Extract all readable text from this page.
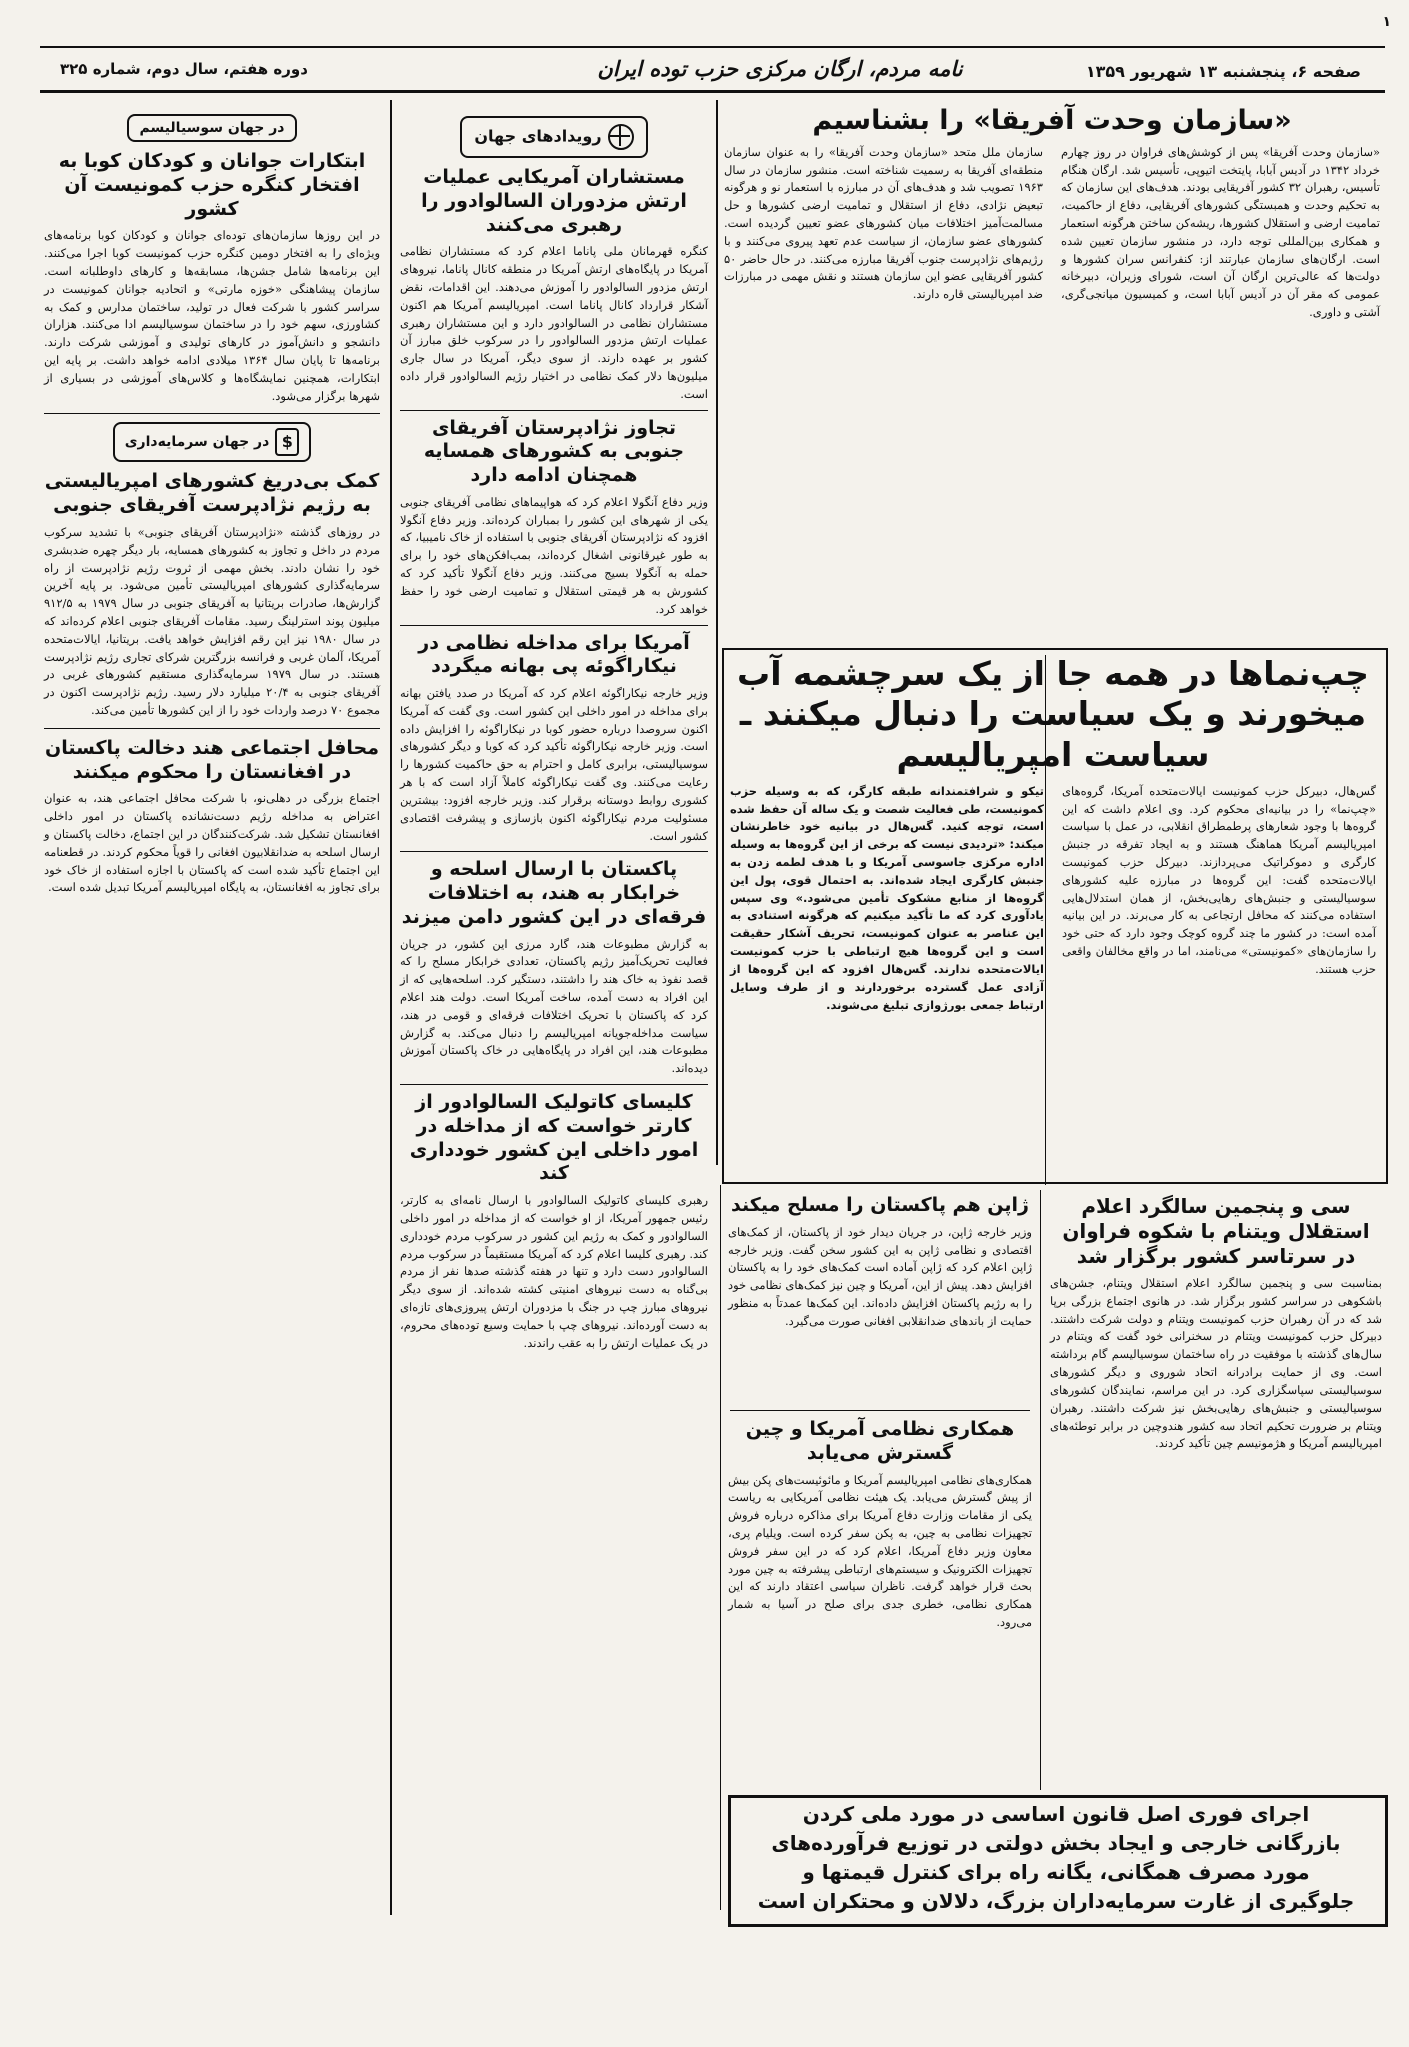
۱
صفحه ۶، پنجشنبه ۱۳ شهریور ۱۳۵۹
نامه مردم، ارگان مرکزی حزب توده ایران
دوره هفتم، سال دوم، شماره ۳۲۵
«سازمان وحدت آفریقا» را بشناسیم
«سازمان وحدت آفریقا» پس از کوشش‌های فراوان در روز چهارم خرداد ۱۳۴۲ در آدیس آبابا، پایتخت اتیوپی، تأسیس شد. ارگان هنگام تأسیس، رهبران ۳۲ کشور آفریقایی بودند. هدف‌های این سازمان که به تحکیم وحدت و همبستگی کشورهای آفریقایی، دفاع از حاکمیت، تمامیت ارضی و استقلال کشورها، ریشه‌کن ساختن هرگونه استعمار و همکاری بین‌المللی توجه دارد، در منشور سازمان تعیین شده است. ارگان‌های سازمان عبارتند از: کنفرانس سران کشورها و دولت‌ها که عالی‌ترین ارگان آن است، شورای وزیران، دبیرخانه عمومی که مقر آن در آدیس آبابا است، و کمیسیون میانجی‌گری، آشتی و داوری.
سازمان ملل متحد «سازمان وحدت آفریقا» را به عنوان سازمان منطقه‌ای آفریقا به رسمیت شناخته است. منشور سازمان در سال ۱۹۶۳ تصویب شد و هدف‌های آن در مبارزه با استعمار نو و هرگونه تبعیض نژادی، دفاع از استقلال و تمامیت ارضی کشورها و حل مسالمت‌آمیز اختلافات میان کشورهای عضو تعیین گردیده است. کشورهای عضو سازمان، از سیاست عدم تعهد پیروی می‌کنند و با رژیم‌های نژادپرست جنوب آفریقا مبارزه می‌کنند. در حال حاضر ۵۰ کشور آفریقایی عضو این سازمان هستند و نقش مهمی در مبارزات ضد امپریالیستی قاره دارند.
چپ‌نماها در همه جا از یک سرچشمه آب میخورند و یک سیاست را دنبال میکنند ـ سیاست امپریالیسم
گس‌هال، دبیرکل حزب کمونیست ایالات‌متحده آمریکا، گروه‌های «چپ‌نما» را در بیانیه‌ای محکوم کرد. وی اعلام داشت که این گروه‌ها با وجود شعارهای پرطمطراق انقلابی، در عمل با سیاست امپریالیسم آمریکا هماهنگ هستند و به ایجاد تفرقه در جنبش کارگری و دموکراتیک می‌پردازند. دبیرکل حزب کمونیست ایالات‌متحده گفت: این گروه‌ها در مبارزه علیه کشورهای سوسیالیستی و جنبش‌های رهایی‌بخش، از همان استدلال‌هایی استفاده می‌کنند که محافل ارتجاعی به کار می‌برند. در این بیانیه آمده است: در کشور ما چند گروه کوچک وجود دارد که حتی خود را سازمان‌های «کمونیستی» می‌نامند، اما در واقع مخالفان واقعی حزب هستند.
تیکو و شرافتمندانه طبقه کارگر، که به وسیله حزب کمونیست، طی فعالیت شصت و یک ساله آن حفظ شده است، توجه کنید. گس‌هال در بیانیه خود خاطرنشان میکند: «تردیدی نیست که برخی از این گروه‌ها به وسیله اداره مرکزی جاسوسی آمریکا و با هدف لطمه زدن به جنبش کارگری ایجاد شده‌اند. به احتمال قوی، پول این گروه‌ها از منابع مشکوک تأمین می‌شود.» وی سپس یادآوری کرد که ما تأکید میکنیم که هرگونه استنادی به این عناصر به عنوان کمونیست، تحریف آشکار حقیقت است و این گروه‌ها هیچ ارتباطی با حزب کمونیست ایالات‌متحده ندارند. گس‌هال افزود که این گروه‌ها از آزادی عمل گسترده برخوردارند و از طرف وسایل ارتباط جمعی بورژوازی تبلیغ می‌شوند.
سی و پنجمین سالگرد اعلام استقلال ویتنام با شکوه فراوان در سرتاسر کشور برگزار شد
بمناسبت سی و پنجمین سالگرد اعلام استقلال ویتنام، جشن‌های باشکوهی در سراسر کشور برگزار شد. در هانوی اجتماع بزرگی برپا شد که در آن رهبران حزب کمونیست ویتنام و دولت شرکت داشتند. دبیرکل حزب کمونیست ویتنام در سخنرانی خود گفت که ویتنام در سال‌های گذشته با موفقیت در راه ساختمان سوسیالیسم گام برداشته است. وی از حمایت برادرانه اتحاد شوروی و دیگر کشورهای سوسیالیستی سپاسگزاری کرد. در این مراسم، نمایندگان کشورهای سوسیالیستی و جنبش‌های رهایی‌بخش نیز شرکت داشتند. رهبران ویتنام بر ضرورت تحکیم اتحاد سه کشور هندوچین در برابر توطئه‌های امپریالیسم آمریکا و هژمونیسم چین تأکید کردند.
ژاپن هم پاکستان را مسلح میکند
وزیر خارجه ژاپن، در جریان دیدار خود از پاکستان، از کمک‌های اقتصادی و نظامی ژاپن به این کشور سخن گفت. وزیر خارجه ژاپن اعلام کرد که ژاپن آماده است کمک‌های خود را به پاکستان افزایش دهد. پیش از این، آمریکا و چین نیز کمک‌های نظامی خود را به رژیم پاکستان افزایش داده‌اند. این کمک‌ها عمدتاً به منظور حمایت از باندهای ضدانقلابی افغانی صورت می‌گیرد.
همکاری نظامی آمریکا و چین گسترش می‌یابد
همکاری‌های نظامی امپریالیسم آمریکا و مائوئیست‌های پکن بیش از پیش گسترش می‌یابد. یک هیئت نظامی آمریکایی به ریاست یکی از مقامات وزارت دفاع آمریکا برای مذاکره درباره فروش تجهیزات نظامی به چین، به پکن سفر کرده است. ویلیام پری، معاون وزیر دفاع آمریکا، اعلام کرد که در این سفر فروش تجهیزات الکترونیک و سیستم‌های ارتباطی پیشرفته به چین مورد بحث قرار خواهد گرفت. ناظران سیاسی اعتقاد دارند که این همکاری نظامی، خطری جدی برای صلح در آسیا به شمار می‌رود.
اجرای فوری اصل قانون اساسی در مورد ملی کردن
بازرگانی خارجی و ایجاد بخش دولتی در توزیع فرآورده‌های
مورد مصرف همگانی، یگانه راه برای کنترل قیمتها و
جلوگیری از غارت سرمایه‌داران بزرگ، دلالان و محتکران است
رویدادهای جهان
مستشاران آمریکایی عملیات ارتش مزدوران السالوادور را رهبری می‌کنند
کنگره قهرمانان ملی پاناما اعلام کرد که مستشاران نظامی آمریکا در پایگاه‌های ارتش آمریکا در منطقه کانال پاناما، نیروهای ارتش مزدور السالوادور را آموزش می‌دهند. این اقدامات، نقض آشکار قرارداد کانال پاناما است. امپریالیسم آمریکا هم اکنون مستشاران نظامی در السالوادور دارد و این مستشاران رهبری عملیات ارتش مزدور السالوادور را در سرکوب خلق مبارز آن کشور بر عهده دارند. از سوی دیگر، آمریکا در سال جاری میلیون‌ها دلار کمک نظامی در اختیار رژیم السالوادور قرار داده است.
تجاوز نژادپرستان آفریقای جنوبی به کشورهای همسایه همچنان ادامه دارد
وزیر دفاع آنگولا اعلام کرد که هواپیماهای نظامی آفریقای جنوبی یکی از شهرهای این کشور را بمباران کرده‌اند. وزیر دفاع آنگولا افزود که نژادپرستان آفریقای جنوبی با استفاده از خاک نامیبیا، که به طور غیرقانونی اشغال کرده‌اند، بمب‌افکن‌های خود را برای حمله به آنگولا بسیج می‌کنند. وزیر دفاع آنگولا تأکید کرد که کشورش به هر قیمتی استقلال و تمامیت ارضی خود را حفظ خواهد کرد.
آمریکا برای مداخله نظامی در نیکاراگوئه پی بهانه میگردد
وزیر خارجه نیکاراگوئه اعلام کرد که آمریکا در صدد یافتن بهانه برای مداخله در امور داخلی این کشور است. وی گفت که آمریکا اکنون سروصدا درباره حضور کوبا در نیکاراگوئه را افزایش داده است. وزیر خارجه نیکاراگوئه تأکید کرد که کوبا و دیگر کشورهای سوسیالیستی، برابری کامل و احترام به حق حاکمیت کشورها را رعایت می‌کنند. وی گفت نیکاراگوئه کاملاً آزاد است که با هر کشوری روابط دوستانه برقرار کند. وزیر خارجه افزود: بیشترین مسئولیت مردم نیکاراگوئه اکنون بازسازی و پیشرفت اقتصادی کشور است.
پاکستان با ارسال اسلحه و خرابکار به هند، به اختلافات فرقه‌ای در این کشور دامن میزند
به گزارش مطبوعات هند، گارد مرزی این کشور، در جریان فعالیت تحریک‌آمیز رژیم پاکستان، تعدادی خرابکار مسلح را که قصد نفوذ به خاک هند را داشتند، دستگیر کرد. اسلحه‌هایی که از این افراد به دست آمده، ساخت آمریکا است. دولت هند اعلام کرد که پاکستان با تحریک اختلافات فرقه‌ای و قومی در هند، سیاست مداخله‌جویانه امپریالیسم را دنبال می‌کند. به گزارش مطبوعات هند، این افراد در پایگاه‌هایی در خاک پاکستان آموزش دیده‌اند.
کلیسای کاتولیک السالوادور از کارتر خواست که از مداخله در امور داخلی این کشور خودداری کند
رهبری کلیسای کاتولیک السالوادور با ارسال نامه‌ای به کارتر، رئیس جمهور آمریکا، از او خواست که از مداخله در امور داخلی السالوادور و کمک به رژیم این کشور در سرکوب مردم خودداری کند. رهبری کلیسا اعلام کرد که آمریکا مستقیماً در سرکوب مردم السالوادور دست دارد و تنها در هفته گذشته صدها نفر از مردم بی‌گناه به دست نیروهای امنیتی کشته شده‌اند. از سوی دیگر نیروهای مبارز چپ در جنگ با مزدوران ارتش پیروزی‌های تازه‌ای به دست آورده‌اند. نیروهای چپ با حمایت وسیع توده‌های محروم، در یک عملیات ارتش را به عقب راندند.
در جهان سوسیالیسم
ابتکارات جوانان و کودکان کوبا به افتخار کنگره حزب کمونیست آن کشور
در این روزها سازمان‌های توده‌ای جوانان و کودکان کوبا برنامه‌های ویژه‌ای را به افتخار دومین کنگره حزب کمونیست کوبا اجرا می‌کنند. این برنامه‌ها شامل جشن‌ها، مسابقه‌ها و کارهای داوطلبانه است. سازمان پیشاهنگی «خوزه مارتی» و اتحادیه جوانان کمونیست در سراسر کشور با شرکت فعال در تولید، ساختمان مدارس و کمک به کشاورزی، سهم خود را در ساختمان سوسیالیسم ادا می‌کنند. هزاران دانشجو و دانش‌آموز در کارهای تولیدی و آموزشی شرکت دارند. برنامه‌ها تا پایان سال ۱۳۶۴ میلادی ادامه خواهد داشت. بر پایه این ابتکارات، همچنین نمایشگاه‌ها و کلاس‌های آموزشی در بسیاری از شهرها برگزار می‌شود.
$در جهان سرمایه‌داری
کمک بی‌دریغ کشورهای امپریالیستی به رژیم نژادپرست آفریقای جنوبی
در روزهای گذشته «نژادپرستان آفریقای جنوبی» با تشدید سرکوب مردم در داخل و تجاوز به کشورهای همسایه، بار دیگر چهره ضدبشری خود را نشان دادند. بخش مهمی از ثروت رژیم نژادپرست از راه سرمایه‌گذاری کشورهای امپریالیستی تأمین می‌شود. بر پایه آخرین گزارش‌ها، صادرات بریتانیا به آفریقای جنوبی در سال ۱۹۷۹ به ۹۱۲/۵ میلیون پوند استرلینگ رسید. مقامات آفریقای جنوبی اعلام کرده‌اند که در سال ۱۹۸۰ نیز این رقم افزایش خواهد یافت. بریتانیا، ایالات‌متحده آمریکا، آلمان غربی و فرانسه بزرگترین شرکای تجاری رژیم نژادپرست هستند. در سال ۱۹۷۹ سرمایه‌گذاری مستقیم کشورهای غربی در آفریقای جنوبی به ۲۰/۴ میلیارد دلار رسید. رژیم نژادپرست اکنون در مجموع ۷۰ درصد واردات خود را از این کشورها تأمین می‌کند.
محافل اجتماعی هند دخالت پاکستان در افغانستان را محکوم میکنند
اجتماع بزرگی در دهلی‌نو، با شرکت محافل اجتماعی هند، به عنوان اعتراض به مداخله رژیم دست‌نشانده پاکستان در امور داخلی افغانستان تشکیل شد. شرکت‌کنندگان در این اجتماع، دخالت پاکستان و ارسال اسلحه به ضدانقلابیون افغانی را قویاً محکوم کردند. در قطعنامه این اجتماع تأکید شده است که پاکستان با اجازه استفاده از خاک خود برای تجاوز به افغانستان، به پایگاه امپریالیسم آمریکا تبدیل شده است.
